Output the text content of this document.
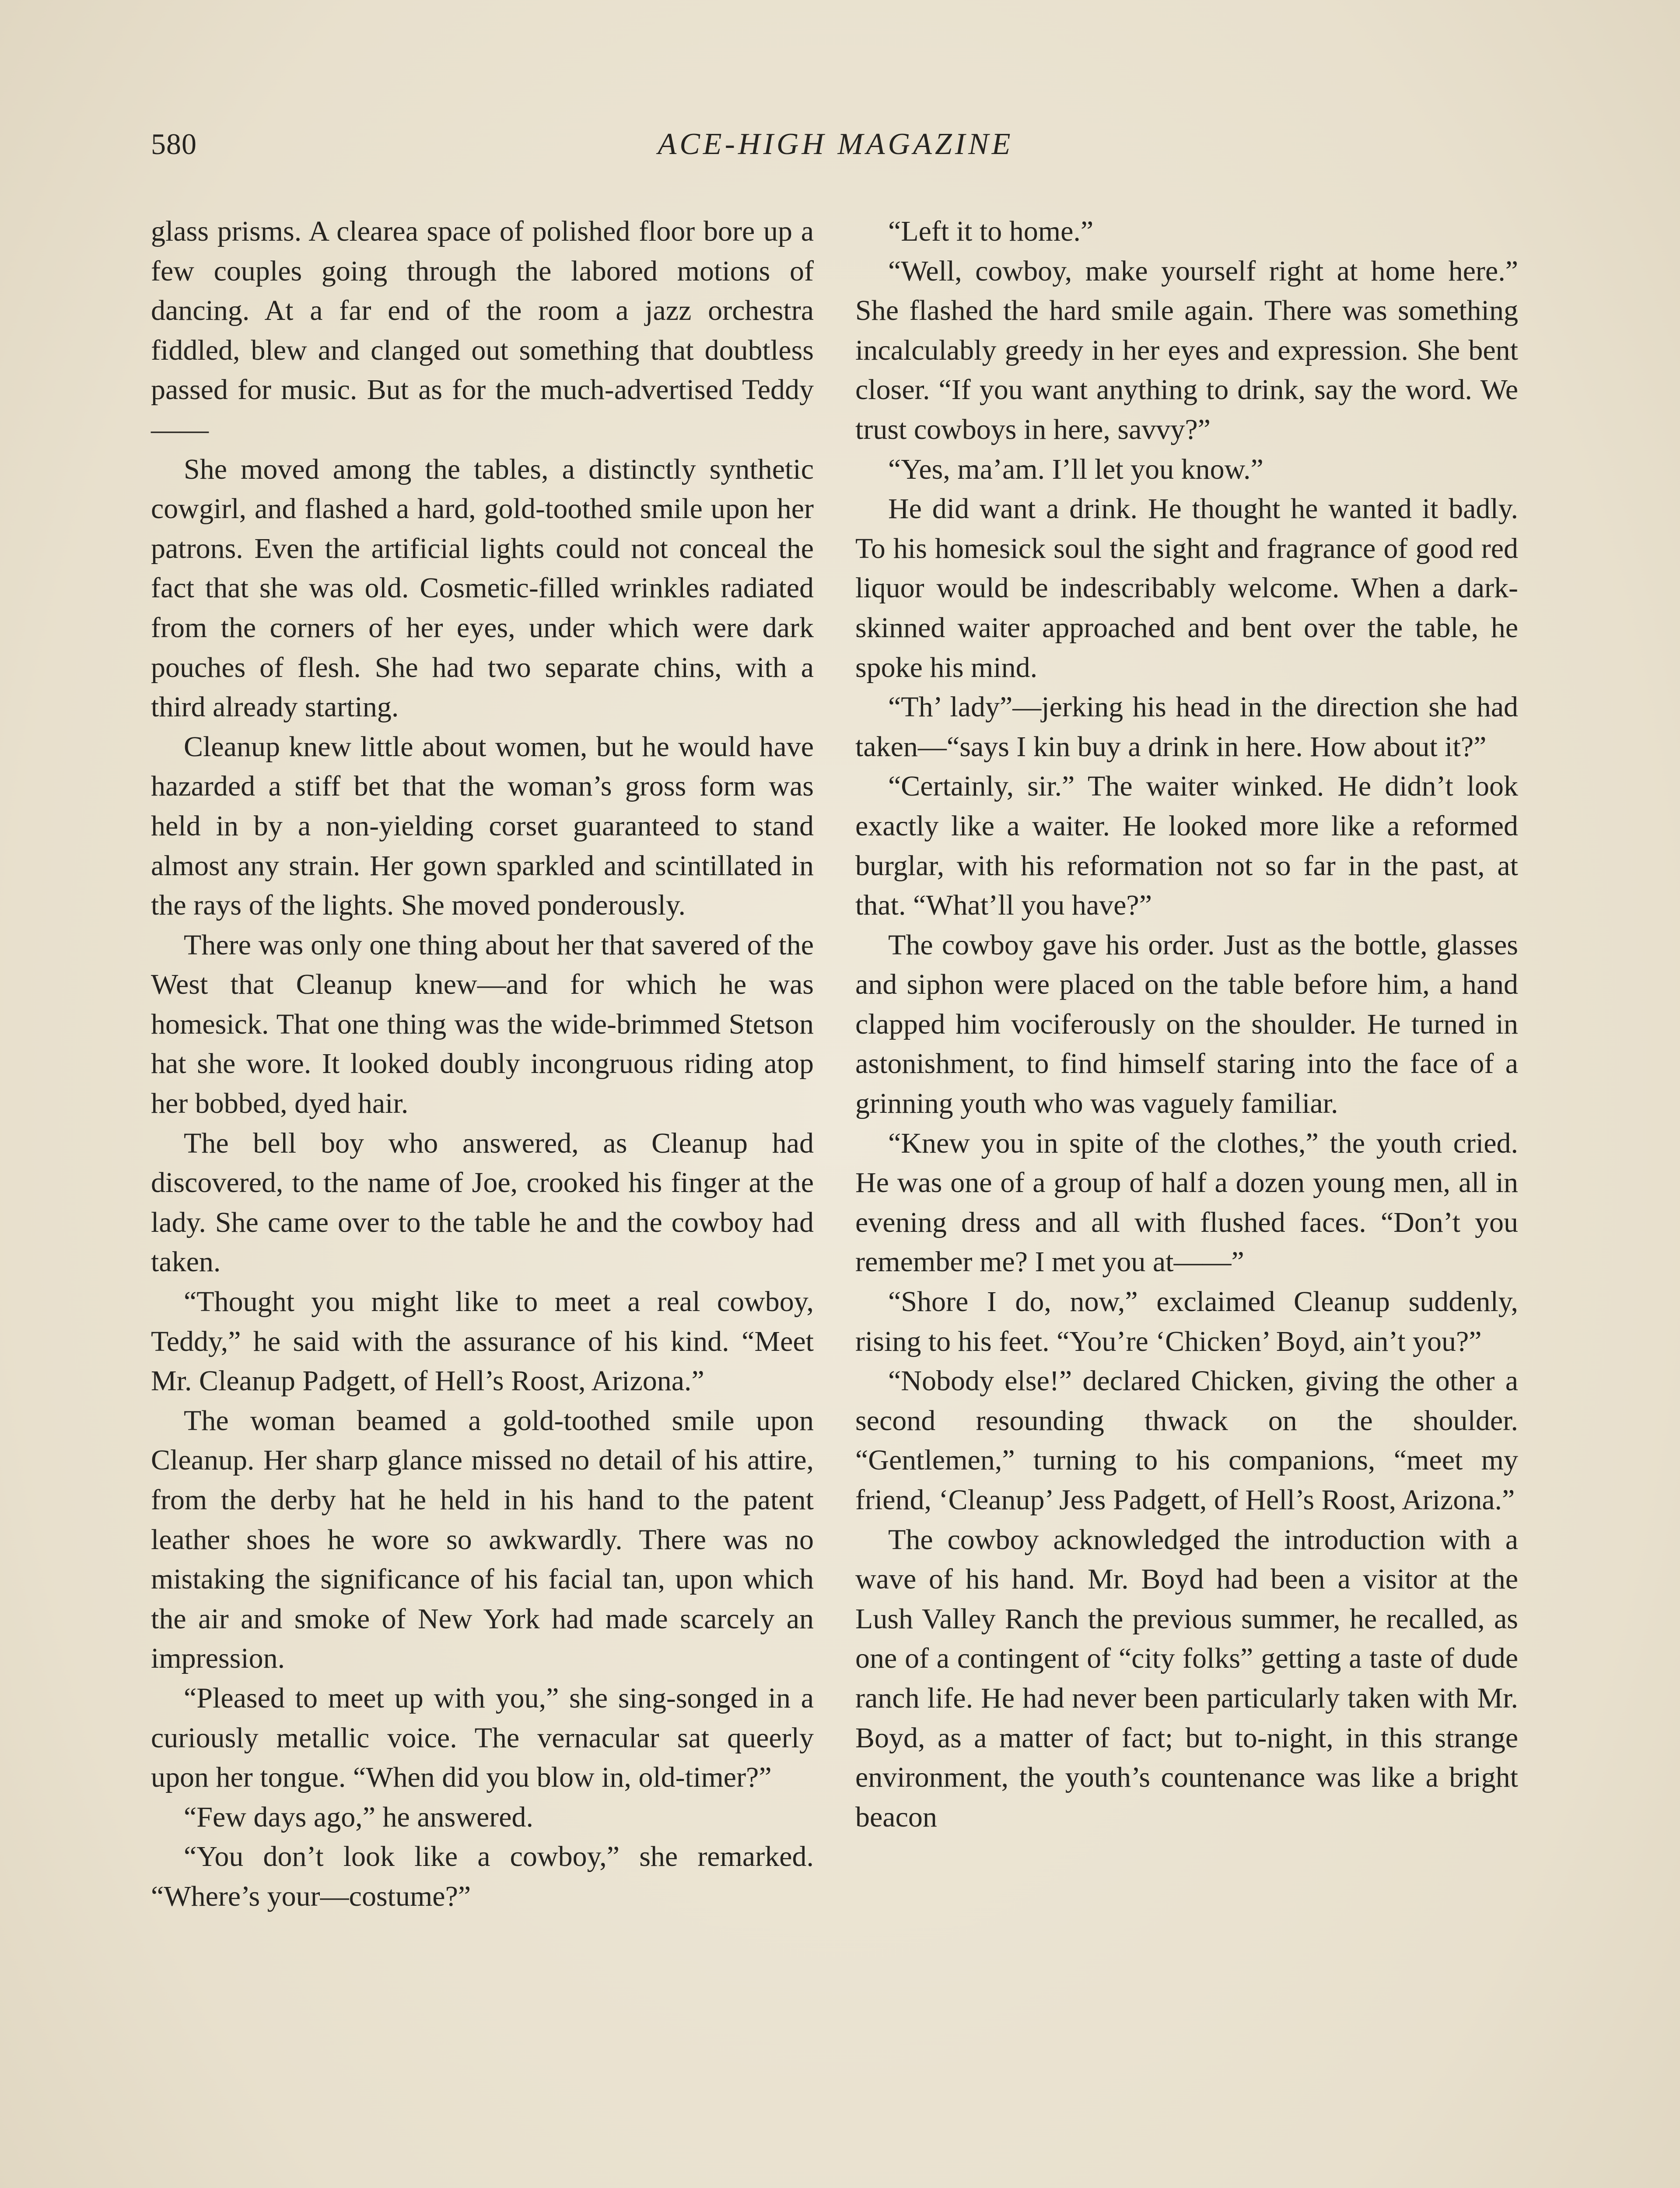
580	ACE-HIGH MAGAZINE

glass prisms. A clearea space of polished floor bore up a few couples going through the labored motions of dancing. At a far end of the room a jazz orchestra fiddled, blew and clanged out something that doubtless passed for music. But as for the much-advertised Teddy——

She moved among the tables, a distinctly synthetic cowgirl, and flashed a hard, gold-toothed smile upon her patrons. Even the artificial lights could not conceal the fact that she was old. Cosmetic-filled wrinkles radiated from the corners of her eyes, under which were dark pouches of flesh. She had two separate chins, with a third already starting.

Cleanup knew little about women, but he would have hazarded a stiff bet that the woman’s gross form was held in by a non-yielding corset guaranteed to stand almost any strain. Her gown sparkled and scintillated in the rays of the lights. She moved ponderously.

There was only one thing about her that savered of the West that Cleanup knew—and for which he was homesick. That one thing was the wide-brimmed Stetson hat she wore. It looked doubly incongruous riding atop her bobbed, dyed hair.

The bell boy who answered, as Cleanup had discovered, to the name of Joe, crooked his finger at the lady. She came over to the table he and the cowboy had taken.

“Thought you might like to meet a real cowboy, Teddy,” he said with the assurance of his kind. “Meet Mr. Cleanup Padgett, of Hell’s Roost, Arizona.”

The woman beamed a gold-toothed smile upon Cleanup. Her sharp glance missed no detail of his attire, from the derby hat he held in his hand to the patent leather shoes he wore so awkwardly. There was no mistaking the significance of his facial tan, upon which the air and smoke of New York had made scarcely an impression.

“Pleased to meet up with you,” she sing-songed in a curiously metallic voice. The vernacular sat queerly upon her tongue. “When did you blow in, old-timer?”

“Few days ago,” he answered.

“You don’t look like a cowboy,” she remarked. “Where’s your—costume?”

“Left it to home.”

“Well, cowboy, make yourself right at home here.” She flashed the hard smile again. There was something incalculably greedy in her eyes and expression. She bent closer. “If you want anything to drink, say the word. We trust cowboys in here, savvy?”

“Yes, ma’am. I’ll let you know.”

He did want a drink. He thought he wanted it badly. To his homesick soul the sight and fragrance of good red liquor would be indescribably welcome. When a dark-skinned waiter approached and bent over the table, he spoke his mind.

“Th’ lady”—jerking his head in the direction she had taken—“says I kin buy a drink in here. How about it?”

“Certainly, sir.” The waiter winked. He didn’t look exactly like a waiter. He looked more like a reformed burglar, with his reformation not so far in the past, at that. “What’ll you have?”

The cowboy gave his order. Just as the bottle, glasses and siphon were placed on the table before him, a hand clapped him vociferously on the shoulder. He turned in astonishment, to find himself staring into the face of a grinning youth who was vaguely familiar.

“Knew you in spite of the clothes,” the youth cried. He was one of a group of half a dozen young men, all in evening dress and all with flushed faces. “Don’t you remember me? I met you at——”

“Shore I do, now,” exclaimed Cleanup suddenly, rising to his feet. “You’re ‘Chicken’ Boyd, ain’t you?”

“Nobody else!” declared Chicken, giving the other a second resounding thwack on the shoulder. “Gentlemen,” turning to his companions, “meet my friend, ‘Cleanup’ Jess Padgett, of Hell’s Roost, Arizona.”

The cowboy acknowledged the introduction with a wave of his hand. Mr. Boyd had been a visitor at the Lush Valley Ranch the previous summer, he recalled, as one of a contingent of “city folks” getting a taste of dude ranch life. He had never been particularly taken with Mr. Boyd, as a matter of fact; but to-night, in this strange environment, the youth’s countenance was like a bright beacon
